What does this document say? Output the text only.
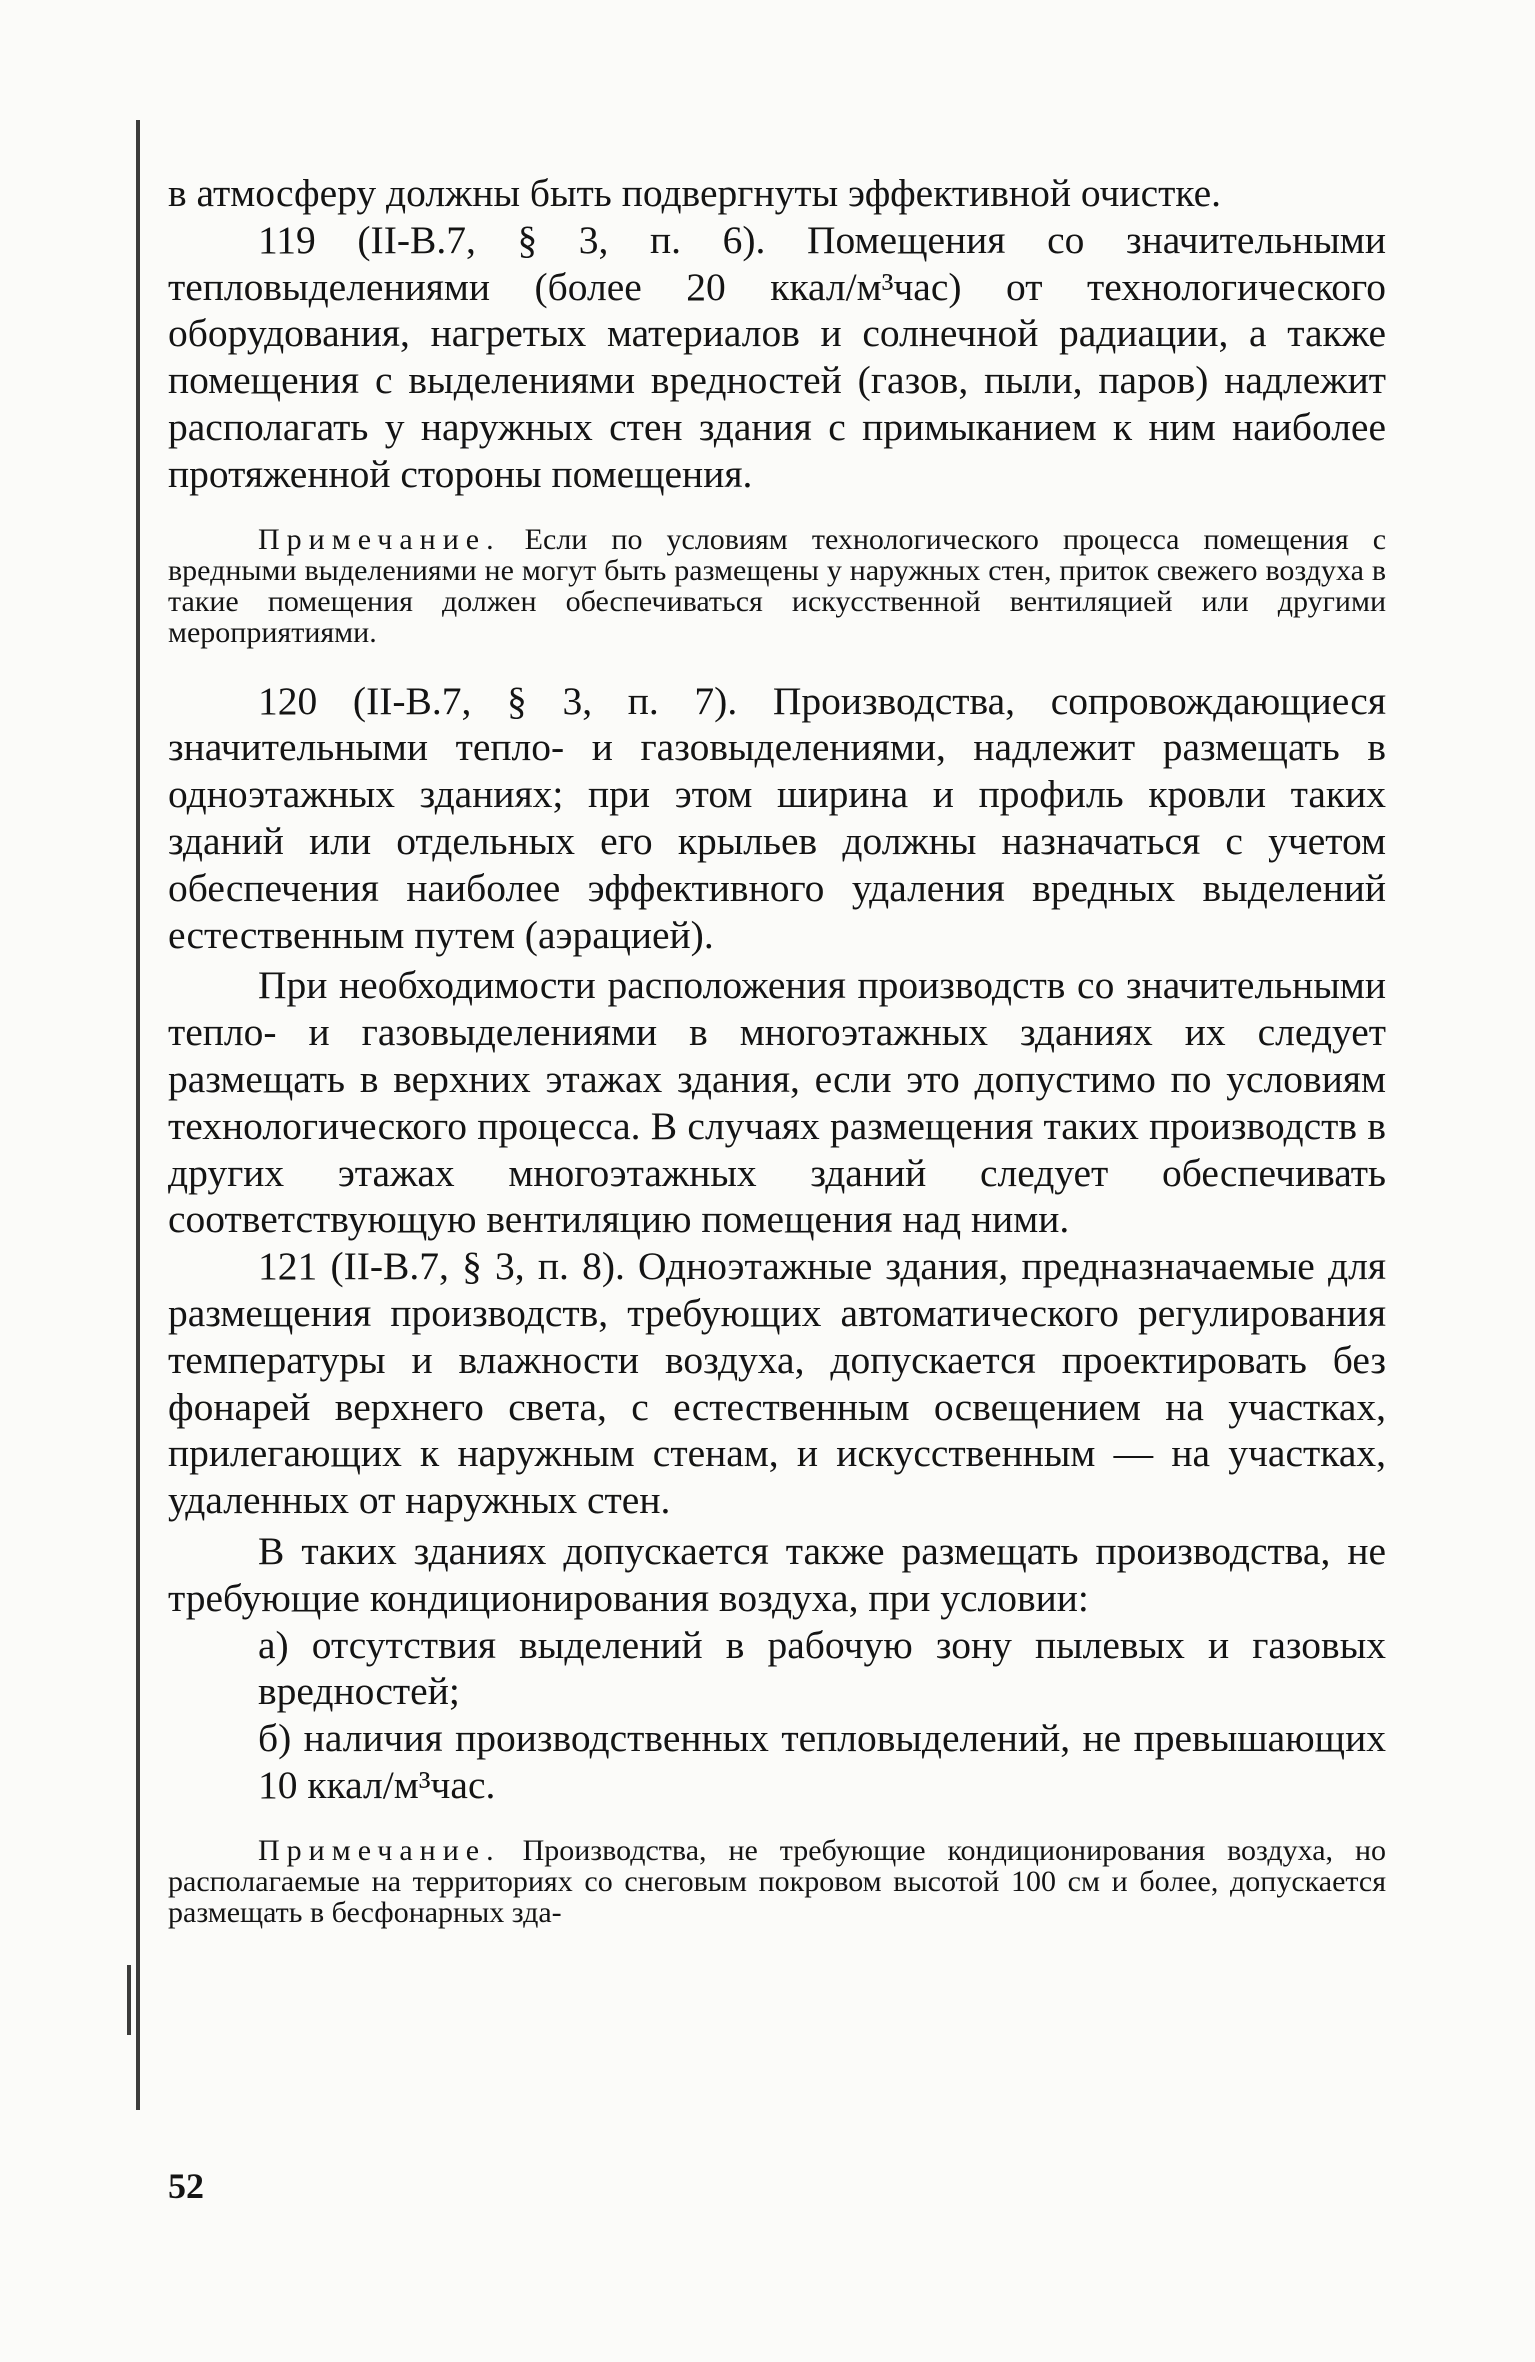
в атмосферу должны быть подвергнуты эффективной очистке.

119 (II-В.7, § 3, п. 6). Помещения со значительными тепловыделениями (более 20 ккал/м³час) от технологического оборудования, нагретых материалов и солнечной радиации, а также помещения с выделениями вредностей (газов, пыли, паров) надлежит располагать у наружных стен здания с примыканием к ним наиболее протяженной стороны помещения.

Примечание. Если по условиям технологического процесса помещения с вредными выделениями не могут быть размещены у наружных стен, приток свежего воздуха в такие помещения должен обеспечиваться искусственной вентиляцией или другими мероприятиями.

120 (II-В.7, § 3, п. 7). Производства, сопровождающиеся значительными тепло- и газовыделениями, надлежит размещать в одноэтажных зданиях; при этом ширина и профиль кровли таких зданий или отдельных его крыльев должны назначаться с учетом обеспечения наиболее эффективного удаления вредных выделений естественным путем (аэрацией).

При необходимости расположения производств со значительными тепло- и газовыделениями в многоэтажных зданиях их следует размещать в верхних этажах здания, если это допустимо по условиям технологического процесса. В случаях размещения таких производств в других этажах многоэтажных зданий следует обеспечивать соответствующую вентиляцию помещения над ними.

121 (II-В.7, § 3, п. 8). Одноэтажные здания, предназначаемые для размещения производств, требующих автоматического регулирования температуры и влажности воздуха, допускается проектировать без фонарей верхнего света, с естественным освещением на участках, прилегающих к наружным стенам, и искусственным — на участках, удаленных от наружных стен.

В таких зданиях допускается также размещать производства, не требующие кондиционирования воздуха, при условии:

а) отсутствия выделений в рабочую зону пылевых и газовых вредностей;

б) наличия производственных тепловыделений, не превышающих 10 ккал/м³час.

Примечание. Производства, не требующие кондиционирования воздуха, но располагаемые на территориях со снеговым покровом высотой 100 см и более, допускается размещать в бесфонарных зда-

52
